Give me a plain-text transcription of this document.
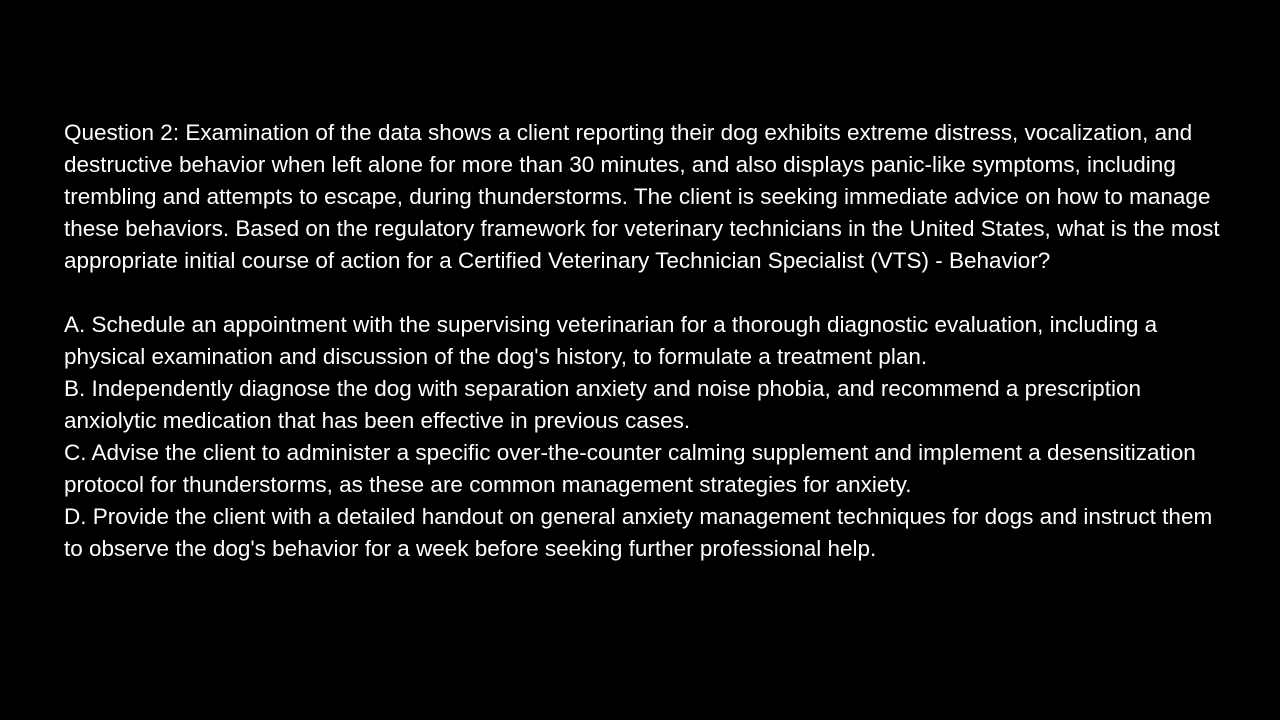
Question 2: Examination of the data shows a client reporting their dog exhibits extreme distress, vocalization, and destructive behavior when left alone for more than 30 minutes, and also displays panic-like symptoms, including trembling and attempts to escape, during thunderstorms. The client is seeking immediate advice on how to manage these behaviors. Based on the regulatory framework for veterinary technicians in the United States, what is the most appropriate initial course of action for a Certified Veterinary Technician Specialist (VTS) - Behavior?

A. Schedule an appointment with the supervising veterinarian for a thorough diagnostic evaluation, including a physical examination and discussion of the dog's history, to formulate a treatment plan.

B. Independently diagnose the dog with separation anxiety and noise phobia, and recommend a prescription anxiolytic medication that has been effective in previous cases.

C. Advise the client to administer a specific over-the-counter calming supplement and implement a desensitization protocol for thunderstorms, as these are common management strategies for anxiety.

D. Provide the client with a detailed handout on general anxiety management techniques for dogs and instruct them to observe the dog's behavior for a week before seeking further professional help.
